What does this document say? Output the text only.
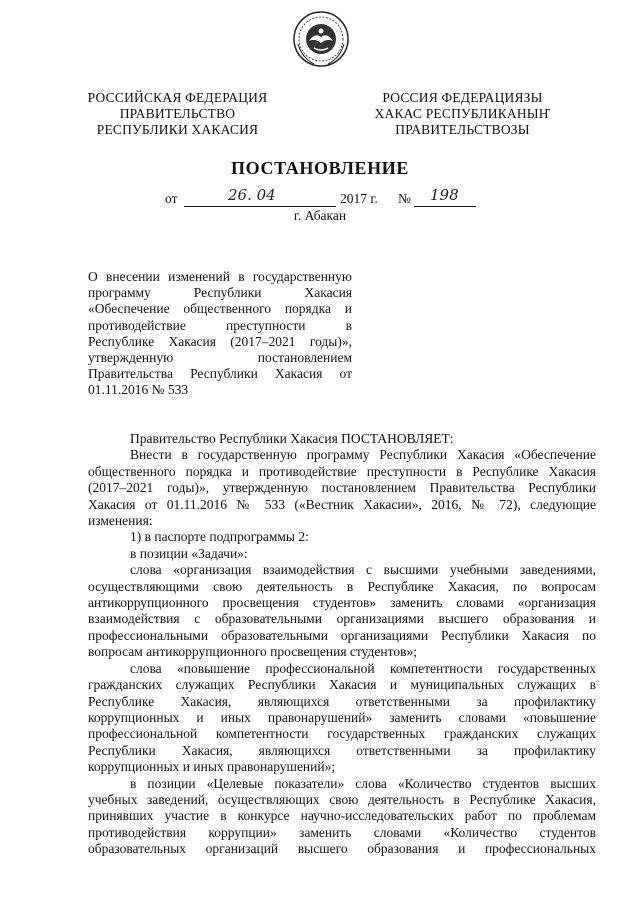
РОССИЙСКАЯ ФЕДЕРАЦИЯ
ПРАВИТЕЛЬСТВО
РЕСПУБЛИКИ ХАКАСИЯ
РОССИЯ ФЕДЕРАЦИЯЗЫ
ХАКАС РЕСПУБЛИКАНЫҤ
ПРАВИТЕЛЬСТВОЗЫ
ПОСТАНОВЛЕНИЕ
от	26. 04	2017 г. № 198
г. Абакан
О внесении изменений в государственную
программу Республики Хакасия
«Обеспечение общественного порядка и
противодействие преступности в
Республике Хакасия (2017–2021 годы)»,
утвержденную постановлением
Правительства Республики Хакасия от
01.11.2016 № 533
Правительство Республики Хакасия ПОСТАНОВЛЯЕТ:
Внести в государственную программу Республики Хакасия «Обеспечение
общественного порядка и противодействие преступности в Республике Хакасия
(2017–2021 годы)», утвержденную постановлением Правительства Республики
Хакасия от 01.11.2016 № 533 («Вестник Хакасии», 2016, № 72), следующие
изменения:
1) в паспорте подпрограммы 2:
в позиции «Задачи»:
слова «организация взаимодействия с высшими учебными заведениями,
осуществляющими свою деятельность в Республике Хакасия, по вопросам
антикоррупционного просвещения студентов» заменить словами «организация
взаимодействия с образовательными организациями высшего образования и
профессиональными образовательными организациями Республики Хакасия по
вопросам антикоррупционного просвещения студентов»;
слова «повышение профессиональной компетентности государственных
гражданских служащих Республики Хакасия и муниципальных служащих в
Республике Хакасия, являющихся ответственными за профилактику
коррупционных и иных правонарушений» заменить словами «повышение
профессиональной компетентности государственных гражданских служащих
Республики Хакасия, являющихся ответственными за профилактику
коррупционных и иных правонарушений»;
в позиции «Целевые показатели» слова «Количество студентов высших
учебных заведений, осуществляющих свою деятельность в Республике Хакасия,
принявших участие в конкурсе научно-исследовательских работ по проблемам
противодействия коррупции» заменить словами «Количество студентов
образовательных организаций высшего образования и профессиональных
